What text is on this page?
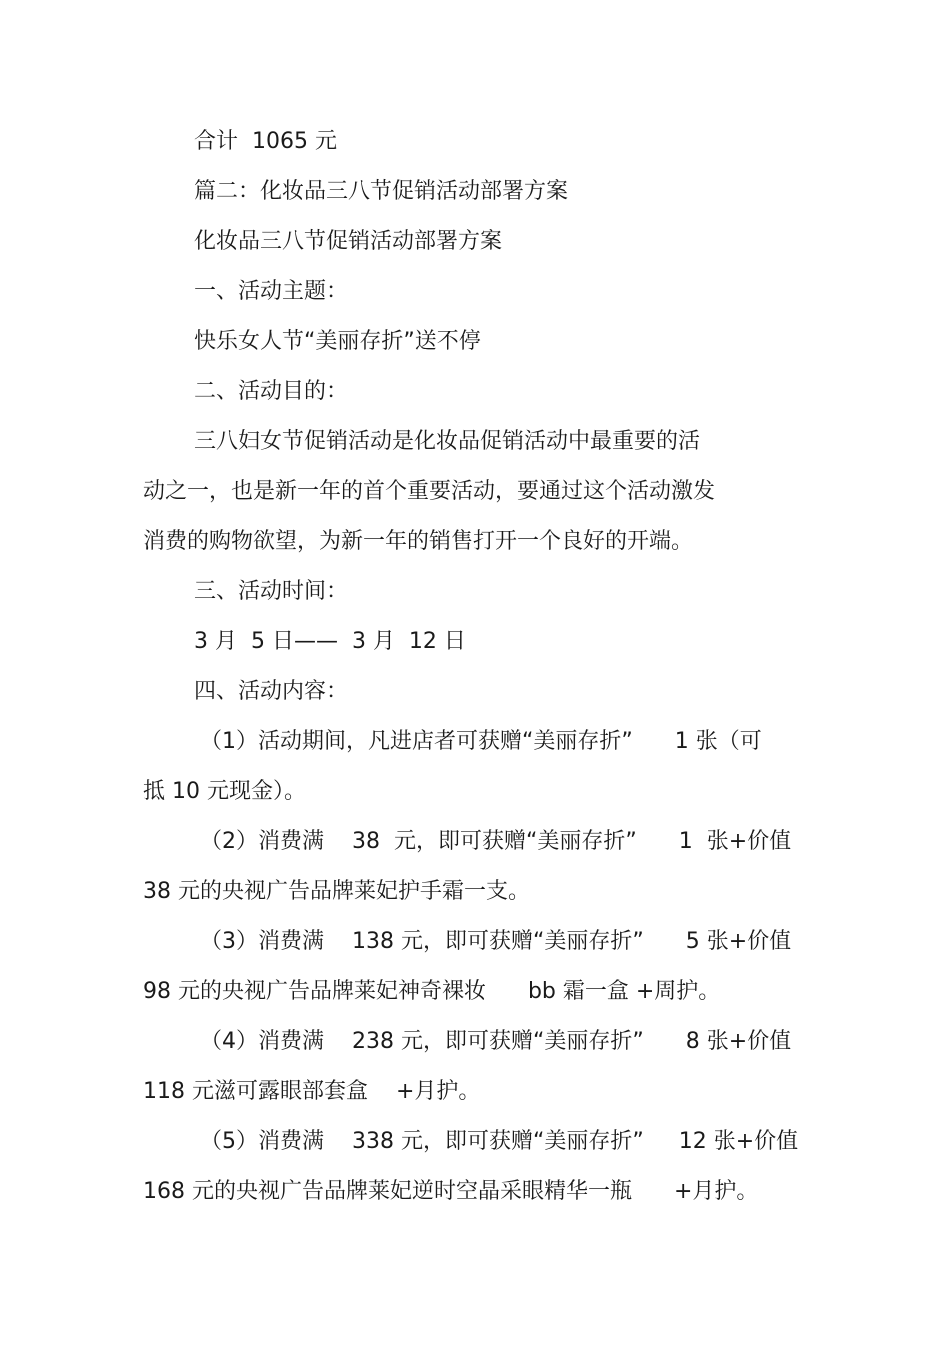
合计  1065 元
篇二：化妆品三八节促销活动部署方案
化妆品三八节促销活动部署方案
一、活动主题：
快乐女人节“美丽存折”送不停
二、活动目的：
三八妇女节促销活动是化妆品促销活动中最重要的活
动之一，也是新一年的首个重要活动，要通过这个活动激发
消费的购物欲望，为新一年的销售打开一个良好的开端。
三、活动时间：
3 月  5 日——  3 月  12 日
四、活动内容：
（1）活动期间，凡进店者可获赠“美丽存折”      1 张（可
抵 10 元现金）。
（2）消费满    38  元，即可获赠“美丽存折”      1  张+价值
38 元的央视广告品牌莱妃护手霜一支。
（3）消费满    138 元，即可获赠“美丽存折”      5 张+价值
98 元的央视广告品牌莱妃神奇裸妆      bb 霜一盒 +周护。
（4）消费满    238 元，即可获赠“美丽存折”      8 张+价值
118 元滋可露眼部套盒    +月护。
（5）消费满    338 元，即可获赠“美丽存折”     12 张+价值
168 元的央视广告品牌莱妃逆时空晶采眼精华一瓶      +月护。
